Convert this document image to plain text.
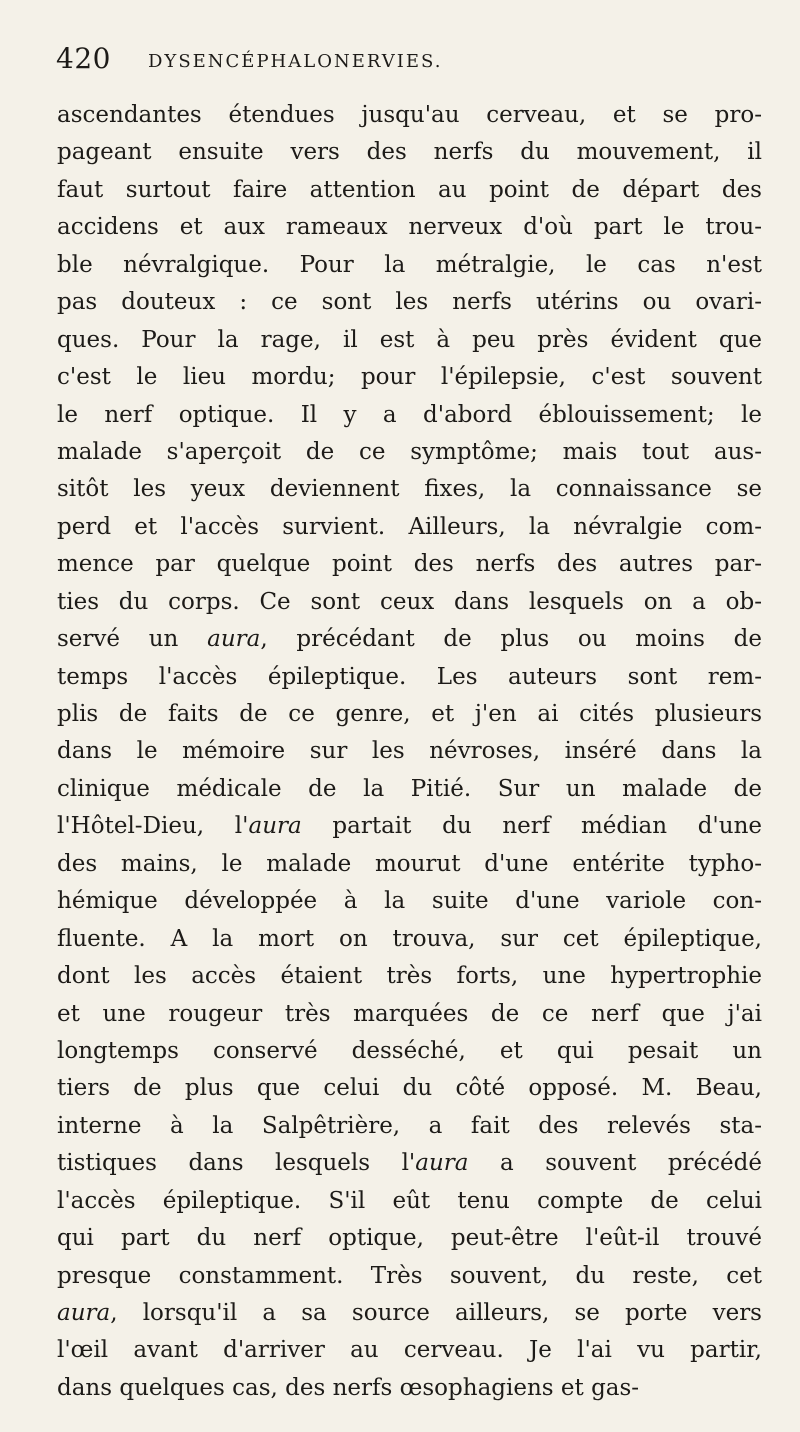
420 DYSENCÉPHALONERVIES.
ascendantes étendues jusqu'au cerveau, et se pro-
pageant ensuite vers des nerfs du mouvement, il
faut surtout faire attention au point de départ des
accidens et aux rameaux nerveux d'où part le trou-
ble névralgique. Pour la métralgie, le cas n'est
pas douteux : ce sont les nerfs utérins ou ovari-
ques. Pour la rage, il est à peu près évident que
c'est le lieu mordu; pour l'épilepsie, c'est souvent
le nerf optique. Il y a d'abord éblouissement; le
malade s'aperçoit de ce symptôme; mais tout aus-
sitôt les yeux deviennent fixes, la connaissance se
perd et l'accès survient. Ailleurs, la névralgie com-
mence par quelque point des nerfs des autres par-
ties du corps. Ce sont ceux dans lesquels on a ob-
servé un aura, précédant de plus ou moins de
temps l'accès épileptique. Les auteurs sont rem-
plis de faits de ce genre, et j'en ai cités plusieurs
dans le mémoire sur les névroses, inséré dans la
clinique médicale de la Pitié. Sur un malade de
l'Hôtel-Dieu, l'aura partait du nerf médian d'une
des mains, le malade mourut d'une entérite typho-
hémique développée à la suite d'une variole con-
fluente. A la mort on trouva, sur cet épileptique,
dont les accès étaient très forts, une hypertrophie
et une rougeur très marquées de ce nerf que j'ai
longtemps conservé desséché, et qui pesait un
tiers de plus que celui du côté opposé. M. Beau,
interne à la Salpêtrière, a fait des relevés sta-
tistiques dans lesquels l'aura a souvent précédé
l'accès épileptique. S'il eût tenu compte de celui
qui part du nerf optique, peut-être l'eût-il trouvé
presque constamment. Très souvent, du reste, cet
aura, lorsqu'il a sa source ailleurs, se porte vers
l'œil avant d'arriver au cerveau. Je l'ai vu partir,
dans quelques cas, des nerfs œsophagiens et gas-
